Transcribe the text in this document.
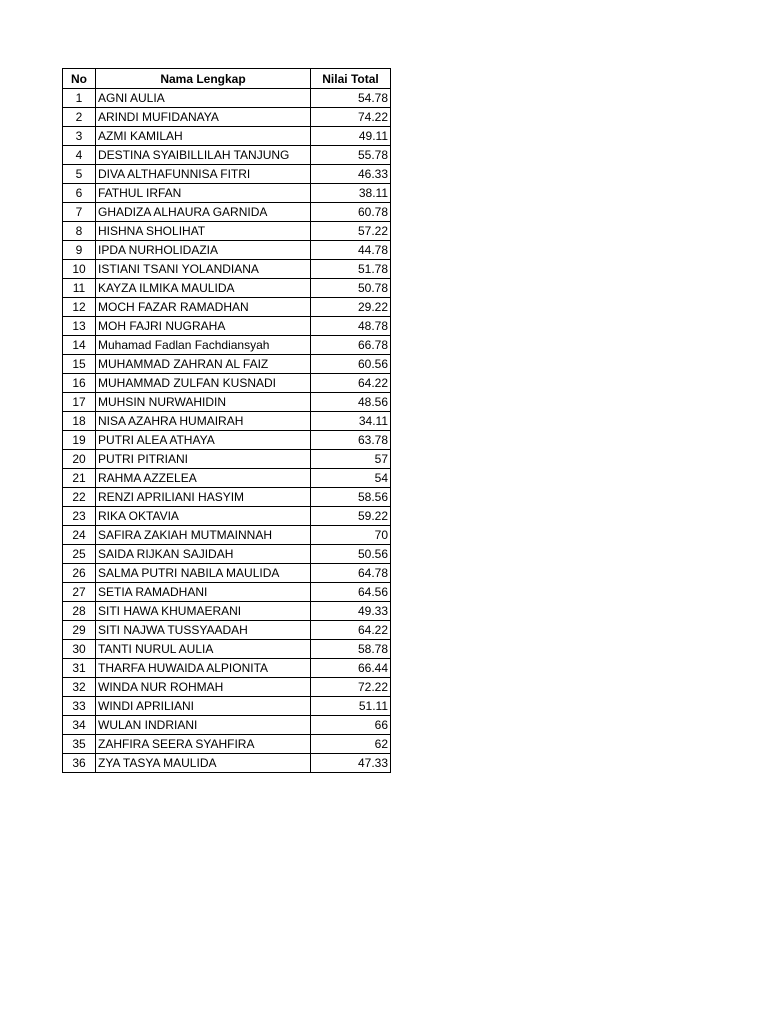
No	Nama Lengkap	Nilai Total
1	AGNI AULIA	54.78
2	ARINDI MUFIDANAYA	74.22
3	AZMI KAMILAH	49.11
4	DESTINA SYAIBILLILAH TANJUNG	55.78
5	DIVA ALTHAFUNNISA FITRI	46.33
6	FATHUL IRFAN	38.11
7	GHADIZA ALHAURA GARNIDA	60.78
8	HISHNA SHOLIHAT	57.22
9	IPDA NURHOLIDAZIA	44.78
10	ISTIANI TSANI YOLANDIANA	51.78
11	KAYZA ILMIKA MAULIDA	50.78
12	MOCH FAZAR RAMADHAN	29.22
13	MOH FAJRI NUGRAHA	48.78
14	Muhamad Fadlan Fachdiansyah	66.78
15	MUHAMMAD ZAHRAN AL FAIZ	60.56
16	MUHAMMAD ZULFAN KUSNADI	64.22
17	MUHSIN NURWAHIDIN	48.56
18	NISA AZAHRA HUMAIRAH	34.11
19	PUTRI ALEA ATHAYA	63.78
20	PUTRI PITRIANI	57
21	RAHMA AZZELEA	54
22	RENZI APRILIANI HASYIM	58.56
23	RIKA OKTAVIA	59.22
24	SAFIRA ZAKIAH MUTMAINNAH	70
25	SAIDA RIJKAN SAJIDAH	50.56
26	SALMA PUTRI NABILA MAULIDA	64.78
27	SETIA RAMADHANI	64.56
28	SITI HAWA KHUMAERANI	49.33
29	SITI NAJWA TUSSYAADAH	64.22
30	TANTI NURUL AULIA	58.78
31	THARFA HUWAIDA ALPIONITA	66.44
32	WINDA NUR ROHMAH	72.22
33	WINDI APRILIANI	51.11
34	WULAN INDRIANI	66
35	ZAHFIRA SEERA SYAHFIRA	62
36	ZYA TASYA MAULIDA	47.33
